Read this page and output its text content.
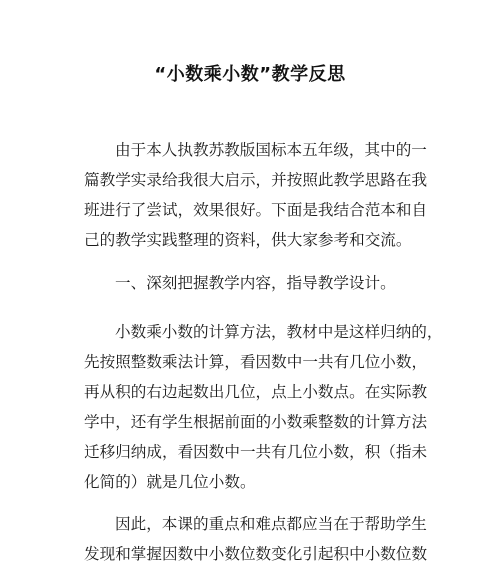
“小数乘小数”教学反思
由于本人执教苏教版国标本五年级，其中的一
篇教学实录给我很大启示，并按照此教学思路在我
班进行了尝试，效果很好。下面是我结合范本和自
己的教学实践整理的资料，供大家参考和交流。
一、深刻把握教学内容，指导教学设计。
小数乘小数的计算方法，教材中是这样归纳的，
先按照整数乘法计算，看因数中一共有几位小数，
再从积的右边起数出几位，点上小数点。在实际教
学中，还有学生根据前面的小数乘整数的计算方法
迁移归纳成，看因数中一共有几位小数，积（指未
化简的）就是几位小数。
因此，本课的重点和难点都应当在于帮助学生
发现和掌握因数中小数位数变化引起积中小数位数
